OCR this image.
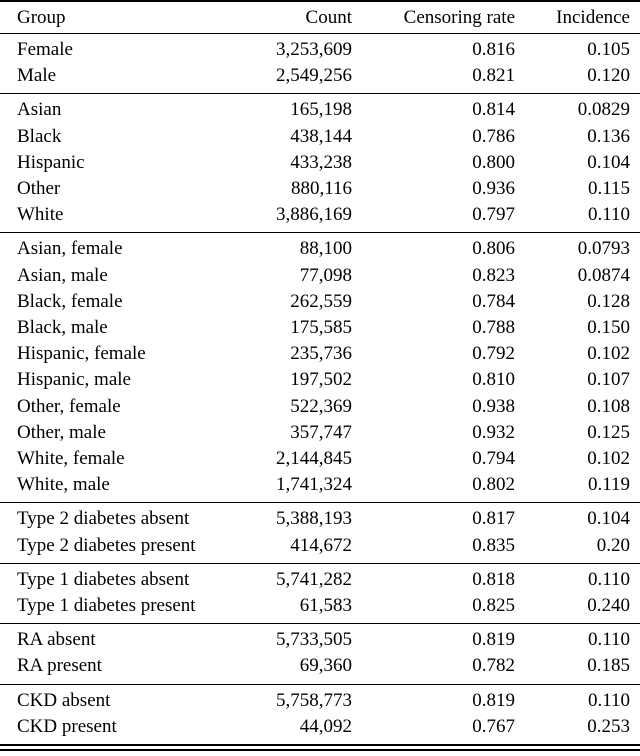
Group	Count	Censoring rate	Incidence
Female	3,253,609	0.816	0.105
Male	2,549,256	0.821	0.120
Asian	165,198	0.814	0.0829
Black	438,144	0.786	0.136
Hispanic	433,238	0.800	0.104
Other	880,116	0.936	0.115
White	3,886,169	0.797	0.110
Asian, female	88,100	0.806	0.0793
Asian, male	77,098	0.823	0.0874
Black, female	262,559	0.784	0.128
Black, male	175,585	0.788	0.150
Hispanic, female	235,736	0.792	0.102
Hispanic, male	197,502	0.810	0.107
Other, female	522,369	0.938	0.108
Other, male	357,747	0.932	0.125
White, female	2,144,845	0.794	0.102
White, male	1,741,324	0.802	0.119
Type 2 diabetes absent	5,388,193	0.817	0.104
Type 2 diabetes present	414,672	0.835	0.20
Type 1 diabetes absent	5,741,282	0.818	0.110
Type 1 diabetes present	61,583	0.825	0.240
RA absent	5,733,505	0.819	0.110
RA present	69,360	0.782	0.185
CKD absent	5,758,773	0.819	0.110
CKD present	44,092	0.767	0.253
